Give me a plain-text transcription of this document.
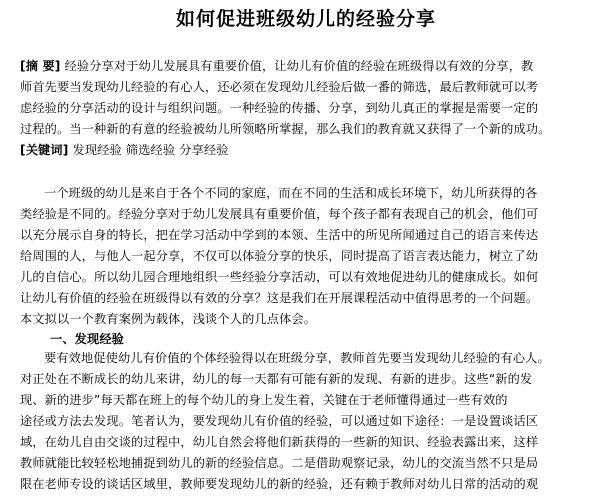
如何促进班级幼儿的经验分享
[摘 要] 经验分享对于幼儿发展具有重要价值，让幼儿有价值的经验在班级得以有效的分享，教
师首先要当发现幼儿经验的有心人，还必须在发现幼儿经验后做一番的筛选，最后教师就可以考
虑经验的分享活动的设计与组织问题。一种经验的传播、分享，到幼儿真正的掌握是需要一定的
过程的。当一种新的有意的经验被幼儿所领略所掌握，那么我们的教育就又获得了一个新的成功。
[关键词] 发现经验 筛选经验 分享经验
一个班级的幼儿是来自于各个不同的家庭，而在不同的生活和成长环境下，幼儿所获得的各
类经验是不同的。经验分享对于幼儿发展具有重要价值，每个孩子都有表现自己的机会，他们可
以充分展示自身的特长，把在学习活动中学到的本领、生活中的所见所闻通过自己的语言来传达
给周围的人，与他人一起分享，不仅可以体验分享的快乐，同时提高了语言表达能力，树立了幼
儿的自信心。所以幼儿园合理地组织一些经验分享活动，可以有效地促进幼儿的健康成长。如何
让幼儿有价值的经验在班级得以有效的分享？这是我们在开展课程活动中值得思考的一个问题。
本文拟以一个教育案例为载体，浅谈个人的几点体会。
一、发现经验
要有效地促使幼儿有价值的个体经验得以在班级分享，教师首先要当发现幼儿经验的有心人。
对正处在不断成长的幼儿来讲，幼儿的每一天都有可能有新的发现、有新的进步。这些“新的发
现、新的进步”每天都在班上的每个幼儿的身上发生着，关键在于老师懂得通过一些有效的
途径或方法去发现。笔者认为，要发现幼儿有价值的经验，可以通过如下途径：一是设置谈话区
域，在幼儿自由交谈的过程中，幼儿自然会将他们新获得的一些新的知识、经验表露出来，这样
教师就能比较轻松地捕捉到幼儿的新的经验信息。二是借助观察记录，幼儿的交流当然不只是局
限在老师专设的谈话区域里，教师要发现幼儿的新的经验，还有赖于教师对幼儿日常的活动的观
